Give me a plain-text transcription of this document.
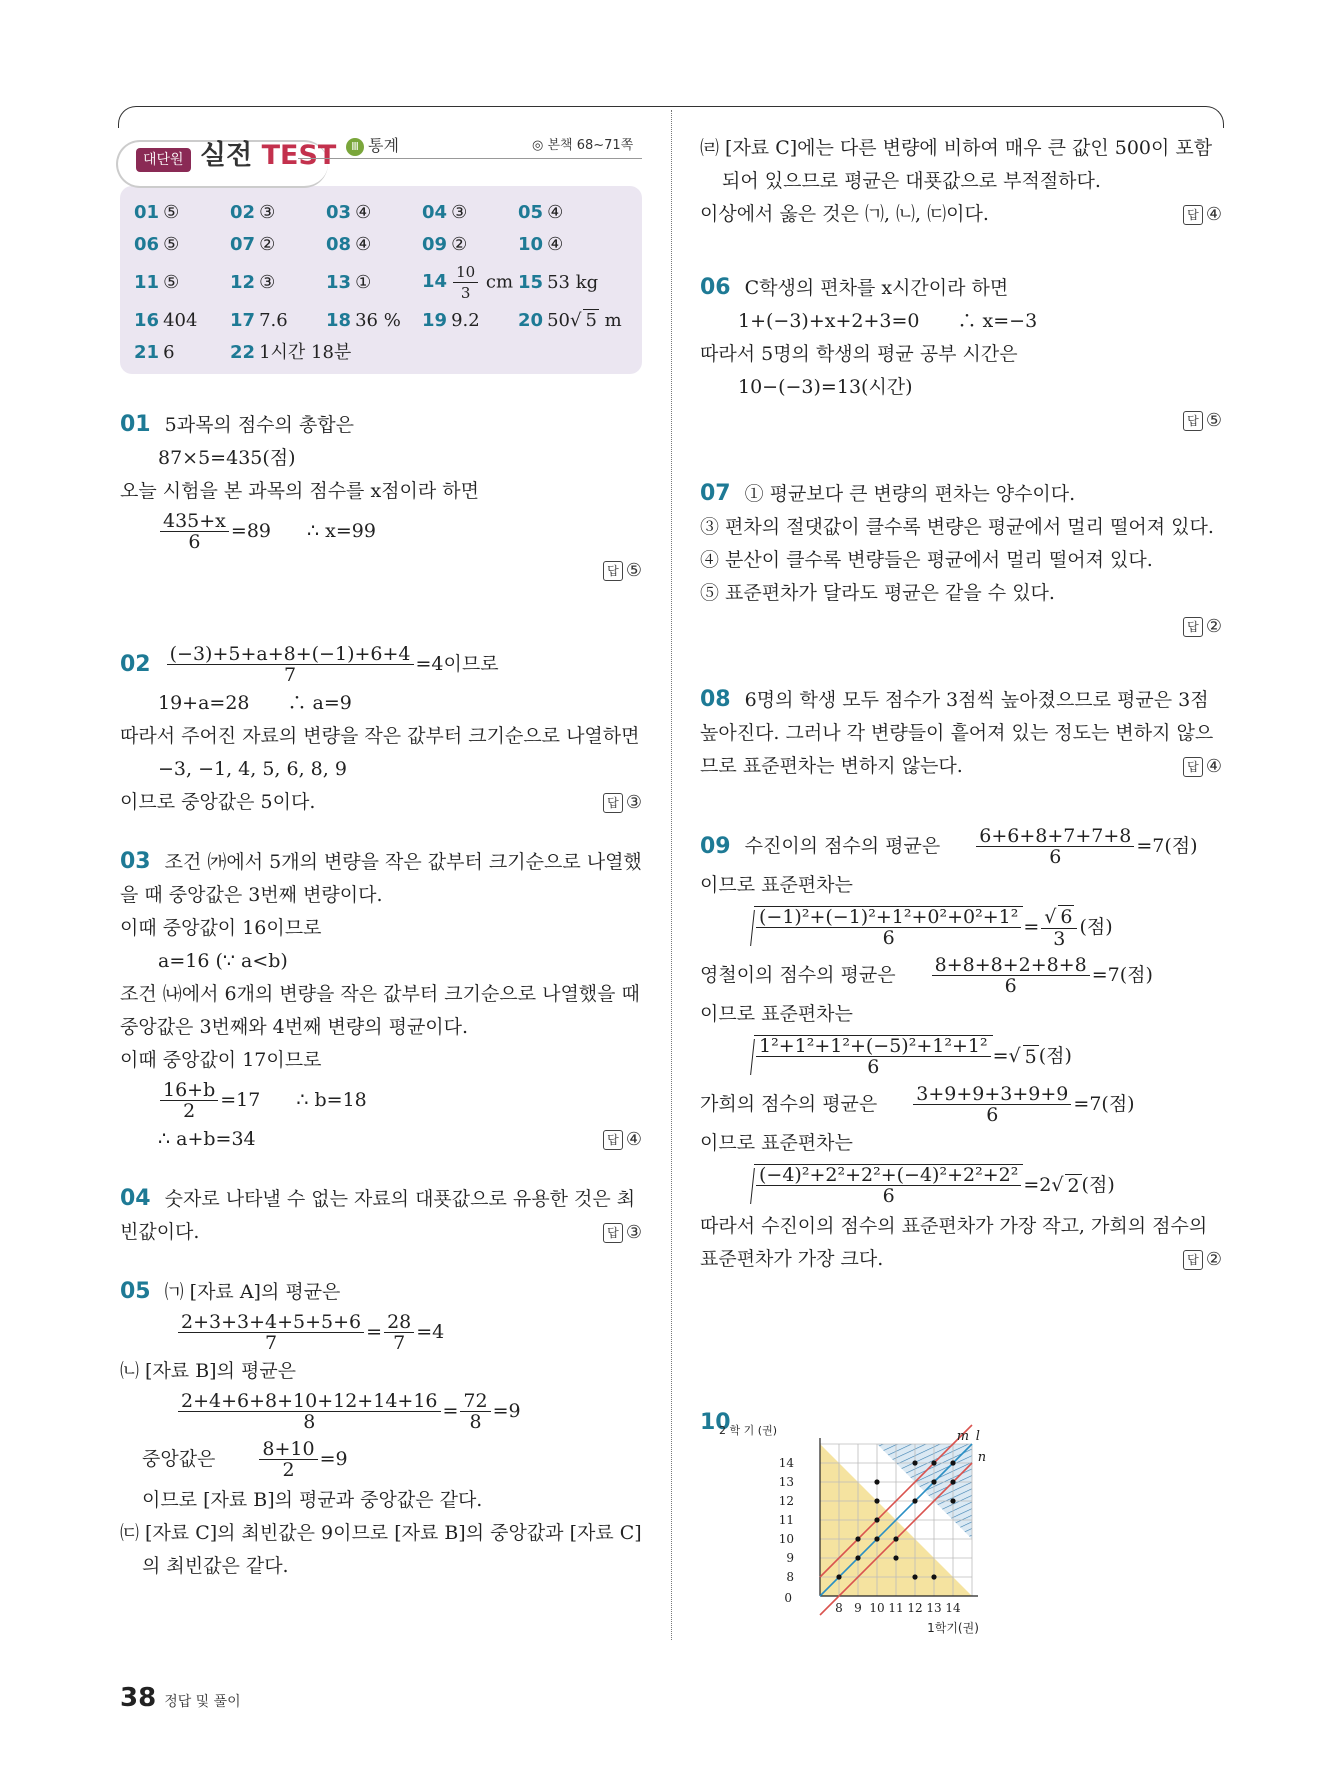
대단원 실전 TEST	Ⅲ 통계	◎ 본책 68~71쪽
01 ⑤	02 ③	03 ④	04 ③	05 ④
06 ⑤	07 ②	08 ④	09 ②	10 ④
11 ⑤	12 ③	13 ①	$14 \frac{10}{3}$ cm 15 53 kg
16 404	17 7.6	18 36 %	19 9.2	20 50√ 5 m
21 6	22 1시간 18분
01 5과목의 점수의 총합은
87×5=435(점)
오늘 시험을 본 과목의 점수를 x점이라 하면
$\frac{435+x}{6} =89$ ∴ x=99
답 ⑤
$02 \frac{(-3)+5+a+8+(-1)+6+4}{7} =4$이므로
19+a=28　　∴ a=9
따라서 주어진 자료의 변량을 작은 값부터 크기순으로 나열하면
−3, −1, 4, 5, 6, 8, 9
이므로 중앙값은 5이다.	답 ③
03 조건 ㈎에서 5개의 변량을 작은 값부터 크기순으로 나열했
을 때 중앙값은 3번째 변량이다.
이때 중앙값이 16이므로
a=16 (∵ a<b)
조건 ㈏에서 6개의 변량을 작은 값부터 크기순으로 나열했을 때
중앙값은 3번째와 4번째 변량의 평균이다.
이때 중앙값이 17이므로
$\frac{16+b}{2} =17$ ∴ b=18
∴ a+b=34	답 ④
04 숫자로 나타낼 수 없는 자료의 대푯값으로 유용한 것은 최
빈값이다.	답 ③
05 ㈀ [자료 A]의 평균은
$\frac{2+3+3+4+5+5+6}{7} = \frac{28}{7} =4$
㈁ [자료 B]의 평균은
$\frac{2+4+6+8+10+12+14+16}{8} = \frac{72}{8} =9$
중앙값은 $\frac{8+10}{2} =9$
이므로 [자료 B]의 평균과 중앙값은 같다.
㈂ [자료 C]의 최빈값은 9이므로 [자료 B]의 중앙값과 [자료 C]
의 최빈값은 같다.
㈃ [자료 C]에는 다른 변량에 비하여 매우 큰 값인 500이 포함
되어 있으므로 평균은 대푯값으로 부적절하다.
이상에서 옳은 것은 ㈀, ㈁, ㈂이다.	답 ④
06 C학생의 편차를 x시간이라 하면
1+(−3)+x+2+3=0　　∴ x=−3
따라서 5명의 학생의 평균 공부 시간은
10−(−3)=13(시간)
답 ⑤
07 ① 평균보다 큰 변량의 편차는 양수이다.
③ 편차의 절댓값이 클수록 변량은 평균에서 멀리 떨어져 있다.
④ 분산이 클수록 변량들은 평균에서 멀리 떨어져 있다.
⑤ 표준편차가 달라도 평균은 같을 수 있다.
답 ②
08 6명의 학생 모두 점수가 3점씩 높아졌으므로 평균은 3점
높아진다. 그러나 각 변량들이 흩어져 있는 정도는 변하지 않으
므로 표준편차는 변하지 않는다.	답 ④
09 수진이의 점수의 평균은 $\frac{6+6+8+7+7+8}{6} =7$(점)
이므로 표준편차는
$\frac{\text{(−1)²+(−1)²+1²+0²+0²+1²}}{6} = \frac{√ 6}{3}$ (점)
영철이의 점수의 평균은 $\frac{8+8+8+2+8+8}{6} =7$(점)
이므로 표준편차는
$\frac{\text{1²+1²+1²+(−5)²+1²+1²}}{6}$ = √ 5 (점)
가희의 점수의 평균은 $\frac{3+9+9+3+9+9}{6} =7$(점)
이므로 표준편차는
$\frac{\text{(−4)²+2²+2²+(−4)²+2²+2²}}{6} =2$ √ 2 (점)
따라서 수진이의 점수의 표준편차가 가장 작고, 가희의 점수의
표준편차가 가장 크다.	답 ②
10
8 9 10 11 12 13 14
8
9
10
11
12
13
14
0
1학기(권)
2 학 기 (권)	m l
n
38 정답 및 풀이
